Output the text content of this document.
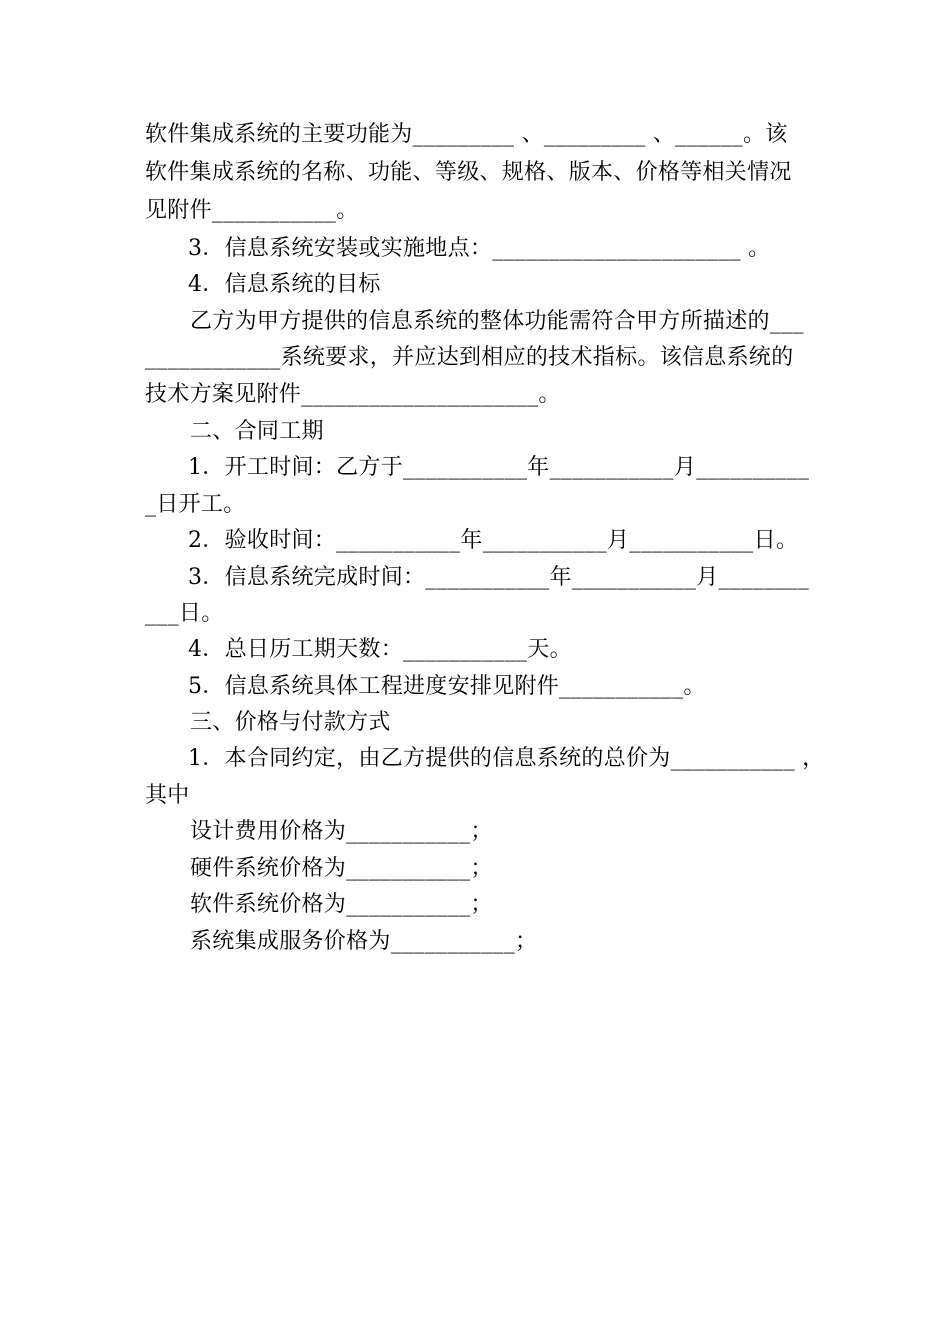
软件集成系统的主要功能为_________ 、_________ 、______。该
软件集成系统的名称、功能、等级、规格、版本、价格等相关情况
见附件___________。
3．信息系统安装或实施地点：______________________ 。
4．信息系统的目标
乙方为甲方提供的信息系统的整体功能需符合甲方所描述的___
____________系统要求，并应达到相应的技术指标。该信息系统的
技术方案见附件_____________________。
二、合同工期
1．开工时间：乙方于___________年___________月__________
_日开工。
2．验收时间：___________年___________月___________日。
3．信息系统完成时间：___________年___________月________
___日。
4．总日历工期天数：___________天。
5．信息系统具体工程进度安排见附件___________。
三、价格与付款方式
1．本合同约定，由乙方提供的信息系统的总价为___________ ，
其中
设计费用价格为___________；
硬件系统价格为___________；
软件系统价格为___________；
系统集成服务价格为___________；
